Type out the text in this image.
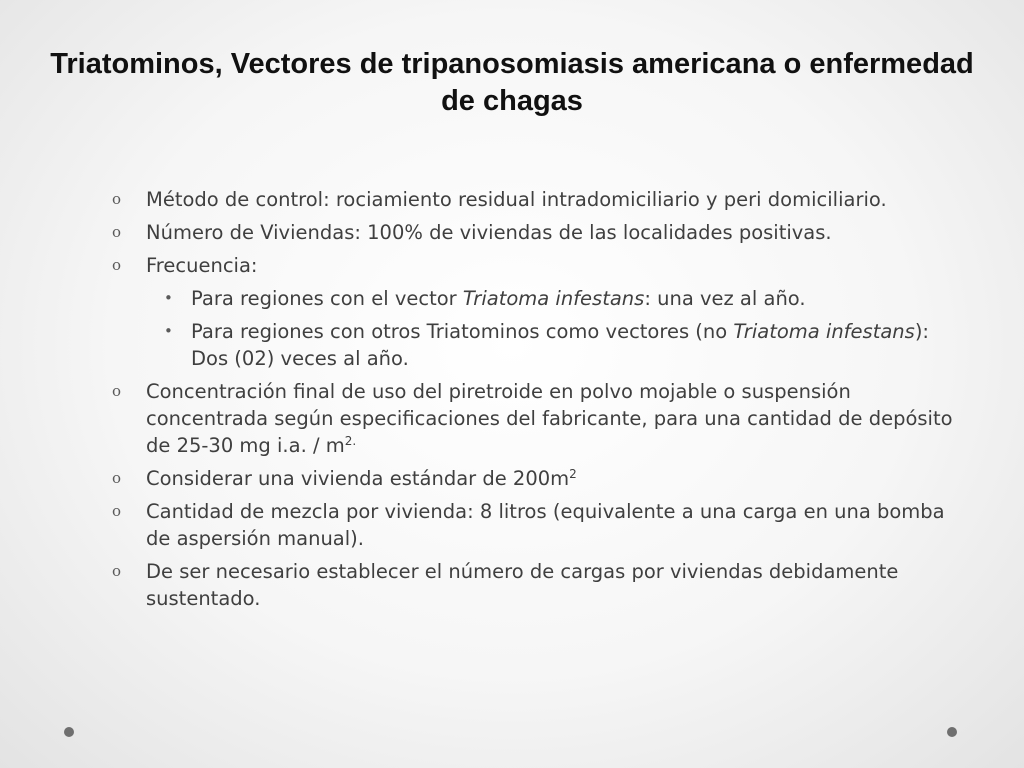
Triatominos, Vectores de tripanosomiasis americana o enfermedad de chagas
o Método de control: rociamiento residual intradomiciliario y peri domiciliario.
o Número de Viviendas: 100% de viviendas de las localidades positivas.
o Frecuencia:
• Para regiones con el vector Triatoma infestans: una vez al año.
• Para regiones con otros Triatominos como vectores (no Triatoma infestans): Dos (02) veces al año.
o Concentración final de uso del piretroide en polvo mojable o suspensión concentrada según especificaciones del fabricante, para una cantidad de depósito de 25-30 mg i.a. / $m^{2.}$
o Considerar una vivienda estándar de $200m^2$
o Cantidad de mezcla por vivienda: 8 litros (equivalente a una carga en una bomba de aspersión manual).
o De ser necesario establecer el número de cargas por viviendas debidamente sustentado.
